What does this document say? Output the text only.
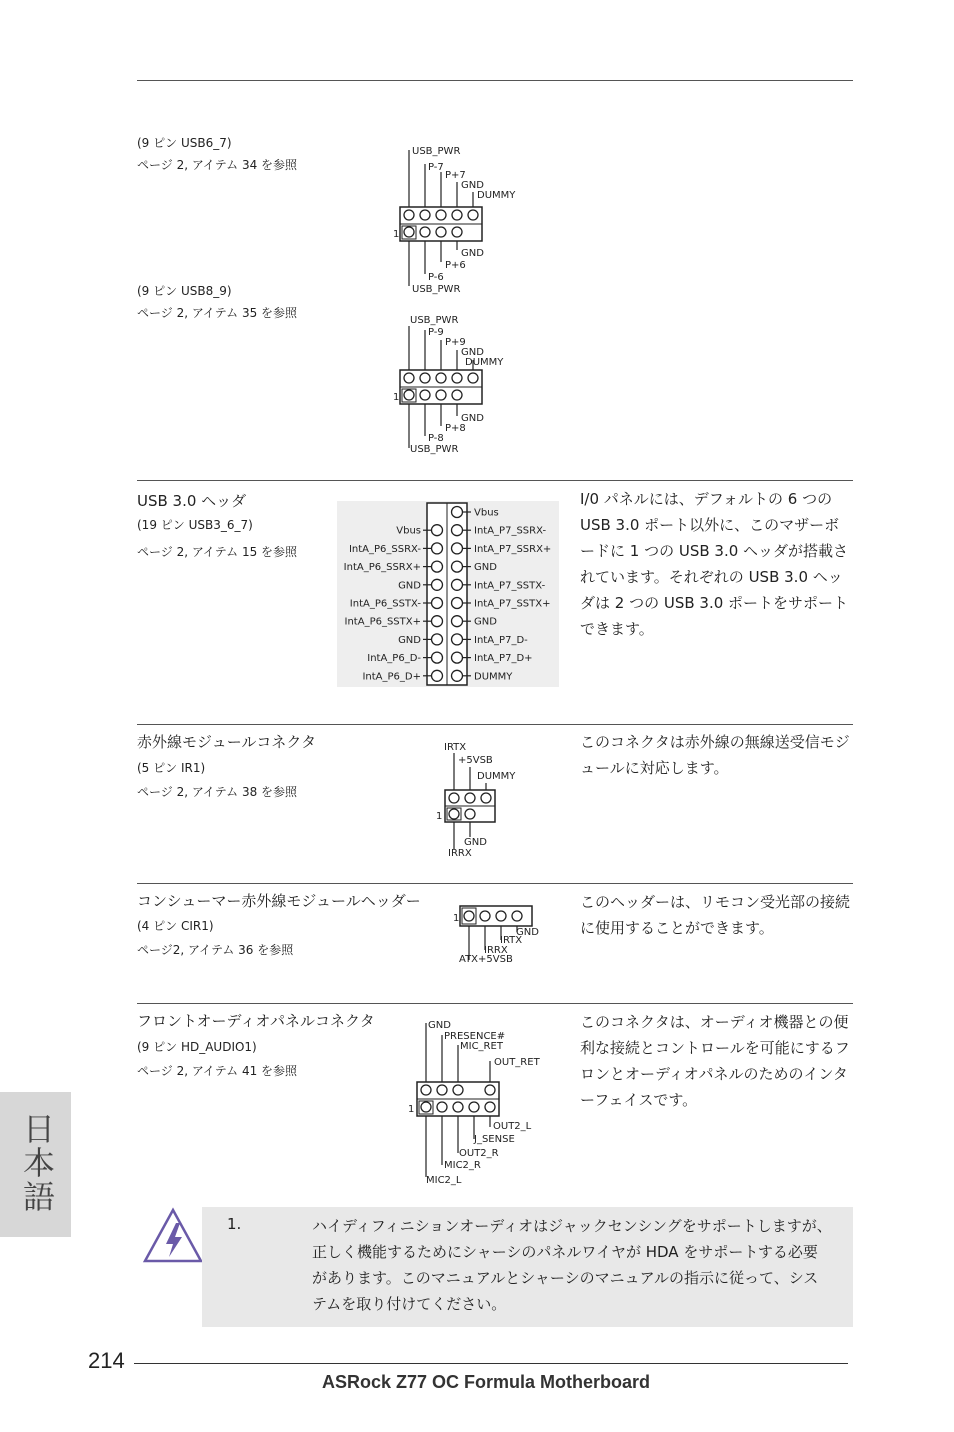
(9 ピン USB6_7)
ページ 2, アイテム 34 を参照
USB_PWR
P-7
P+7
GND
DUMMY
1
GND
P+6
P-6
USB_PWR
(9 ピン USB8_9)
ページ 2, アイテム 35 を参照
USB_PWR
P-9
P+9
GND
DUMMY
1
GND
P+8
P-8
USB_PWR
USB 3.0 ヘッダ
(19 ピン USB3_6_7)
ページ 2, アイテム 15 を参照
Vbus
IntA_P6_SSRX-
IntA_P6_SSRX+
GND
IntA_P6_SSTX-
IntA_P6_SSTX+
GND
IntA_P6_D-
IntA_P6_D+
Vbus
IntA_P7_SSRX-
IntA_P7_SSRX+
GND
IntA_P7_SSTX-
IntA_P7_SSTX+
GND
IntA_P7_D-
IntA_P7_D+
DUMMY
I/0 パネルには、デフォルトの 6 つの USB 3.0 ポート以外に、このマザーボードに 1 つの USB 3.0 ヘッダが搭載されています。それぞれの USB 3.0 ヘッダは 2 つの USB 3.0 ポートをサポートできます。
赤外線モジュールコネクタ
(5 ピン IR1)
ページ 2, アイテム 38 を参照
IRTX
+5VSB
DUMMY
1
GND
IRRX
このコネクタは赤外線の無線送受信モジュールに対応します。
コンシューマー赤外線モジュールヘッダー
(4 ピン CIR1)
ページ2, アイテム 36 を参照
1
GND
IRTX
IRRX
ATX+5VSB
このヘッダーは、リモコン受光部の接続に使用することができます。
フロントオーディオパネルコネクタ
(9 ピン HD_AUDIO1)
ページ 2, アイテム 41 を参照
GND
PRESENCE#
MIC_RET
OUT_RET
1
OUT2_L
J_SENSE
OUT2_R
MIC2_R
MIC2_L
このコネクタは、オーディオ機器との便利な接続とコントロールを可能にするフロンとオーディオパネルのためのインターフェイスです。
日本語
1.	ハイディフィニションオーディオはジャックセンシングをサポートしますが、正しく機能するためにシャーシのパネルワイヤが HDA をサポートする必要があります。このマニュアルとシャーシのマニュアルの指示に従って、システムを取り付けてください。
214
ASRock Z77 OC Formula Motherboard
